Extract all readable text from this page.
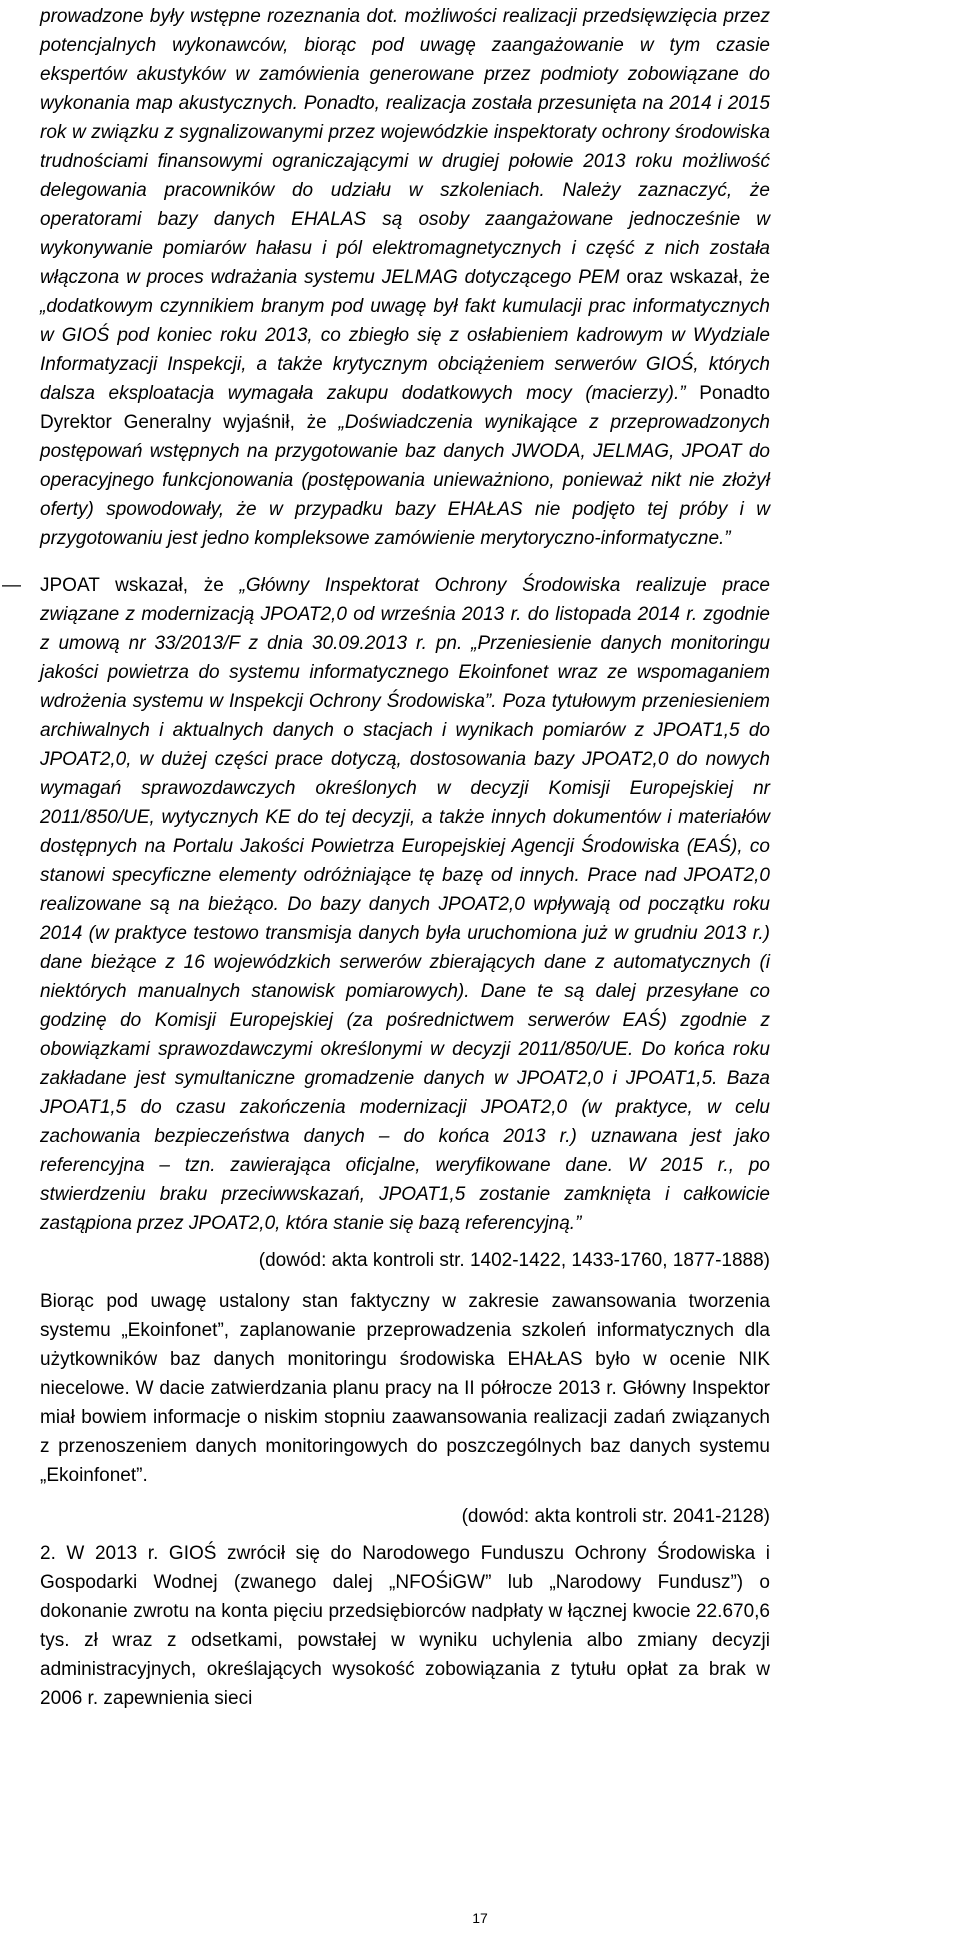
prowadzone były wstępne rozeznania dot. możliwości realizacji przedsięwzięcia przez potencjalnych wykonawców, biorąc pod uwagę zaangażowanie w tym czasie ekspertów akustyków w zamówienia generowane przez podmioty zobowiązane do wykonania map akustycznych. Ponadto, realizacja została przesunięta na 2014 i 2015 rok w związku z sygnalizowanymi przez wojewódzkie inspektoraty ochrony środowiska trudnościami finansowymi ograniczającymi w drugiej połowie 2013 roku możliwość delegowania pracowników do udziału w szkoleniach. Należy zaznaczyć, że operatorami bazy danych EHALAS są osoby zaangażowane jednocześnie w wykonywanie pomiarów hałasu i pól elektromagnetycznych i część z nich została włączona w proces wdrażania systemu JELMAG dotyczącego PEM oraz wskazał, że „dodatkowym czynnikiem branym pod uwagę był fakt kumulacji prac informatycznych w GIOŚ pod koniec roku 2013, co zbiegło się z osłabieniem kadrowym w Wydziale Informatyzacji Inspekcji, a także krytycznym obciążeniem serwerów GIOŚ, których dalsza eksploatacja wymagała zakupu dodatkowych mocy (macierzy).” Ponadto Dyrektor Generalny wyjaśnił, że „Doświadczenia wynikające z przeprowadzonych postępowań wstępnych na przygotowanie baz danych JWODA, JELMAG, JPOAT do operacyjnego funkcjonowania (postępowania unieważniono, ponieważ nikt nie złożył oferty) spowodowały, że w przypadku bazy EHAŁAS nie podjęto tej próby i w przygotowaniu jest jedno kompleksowe zamówienie merytoryczno-informatyczne.”

—	JPOAT wskazał, że „Główny Inspektorat Ochrony Środowiska realizuje prace związane z modernizacją JPOAT2,0 od września 2013 r. do listopada 2014 r. zgodnie z umową nr 33/2013/F z dnia 30.09.2013 r. pn. „Przeniesienie danych monitoringu jakości powietrza do systemu informatycznego Ekoinfonet wraz ze wspomaganiem wdrożenia systemu w Inspekcji Ochrony Środowiska”. Poza tytułowym przeniesieniem archiwalnych i aktualnych danych o stacjach i wynikach pomiarów z JPOAT1,5 do JPOAT2,0, w dużej części prace dotyczą, dostosowania bazy JPOAT2,0 do nowych wymagań sprawozdawczych określonych w decyzji Komisji Europejskiej nr 2011/850/UE, wytycznych KE do tej decyzji, a także innych dokumentów i materiałów dostępnych na Portalu Jakości Powietrza Europejskiej Agencji Środowiska (EAŚ), co stanowi specyficzne elementy odróżniające tę bazę od innych. Prace nad JPOAT2,0 realizowane są na bieżąco. Do bazy danych JPOAT2,0 wpływają od początku roku 2014 (w praktyce testowo transmisja danych była uruchomiona już w grudniu 2013 r.) dane bieżące z 16 wojewódzkich serwerów zbierających dane z automatycznych (i niektórych manualnych stanowisk pomiarowych). Dane te są dalej przesyłane co godzinę do Komisji Europejskiej (za pośrednictwem serwerów EAŚ) zgodnie z obowiązkami sprawozdawczymi określonymi w decyzji 2011/850/UE. Do końca roku zakładane jest symultaniczne gromadzenie danych w JPOAT2,0 i JPOAT1,5. Baza JPOAT1,5 do czasu zakończenia modernizacji JPOAT2,0 (w praktyce, w celu zachowania bezpieczeństwa danych – do końca 2013 r.) uznawana jest jako referencyjna – tzn. zawierająca oficjalne, weryfikowane dane. W 2015 r., po stwierdzeniu braku przeciwwskazań, JPOAT1,5 zostanie zamknięta i całkowicie zastąpiona przez JPOAT2,0, która stanie się bazą referencyjną.”

(dowód: akta kontroli str. 1402-1422, 1433-1760, 1877-1888)

Biorąc pod uwagę ustalony stan faktyczny w zakresie zawansowania tworzenia systemu „Ekoinfonet”, zaplanowanie przeprowadzenia szkoleń informatycznych dla użytkowników baz danych monitoringu środowiska EHAŁAS było w ocenie NIK niecelowe. W dacie zatwierdzania planu pracy na II półrocze 2013 r. Główny Inspektor miał bowiem informacje o niskim stopniu zaawansowania realizacji zadań związanych z przenoszeniem danych monitoringowych do poszczególnych baz danych systemu „Ekoinfonet”.

(dowód: akta kontroli str. 2041-2128)

2. W 2013 r. GIOŚ zwrócił się do Narodowego Funduszu Ochrony Środowiska i Gospodarki Wodnej (zwanego dalej „NFOŚiGW” lub „Narodowy Fundusz”) o dokonanie zwrotu na konta pięciu przedsiębiorców nadpłaty w łącznej kwocie 22.670,6 tys. zł wraz z odsetkami, powstałej w wyniku uchylenia albo zmiany decyzji administracyjnych, określających wysokość zobowiązania z tytułu opłat za brak w 2006 r. zapewnienia sieci

17
